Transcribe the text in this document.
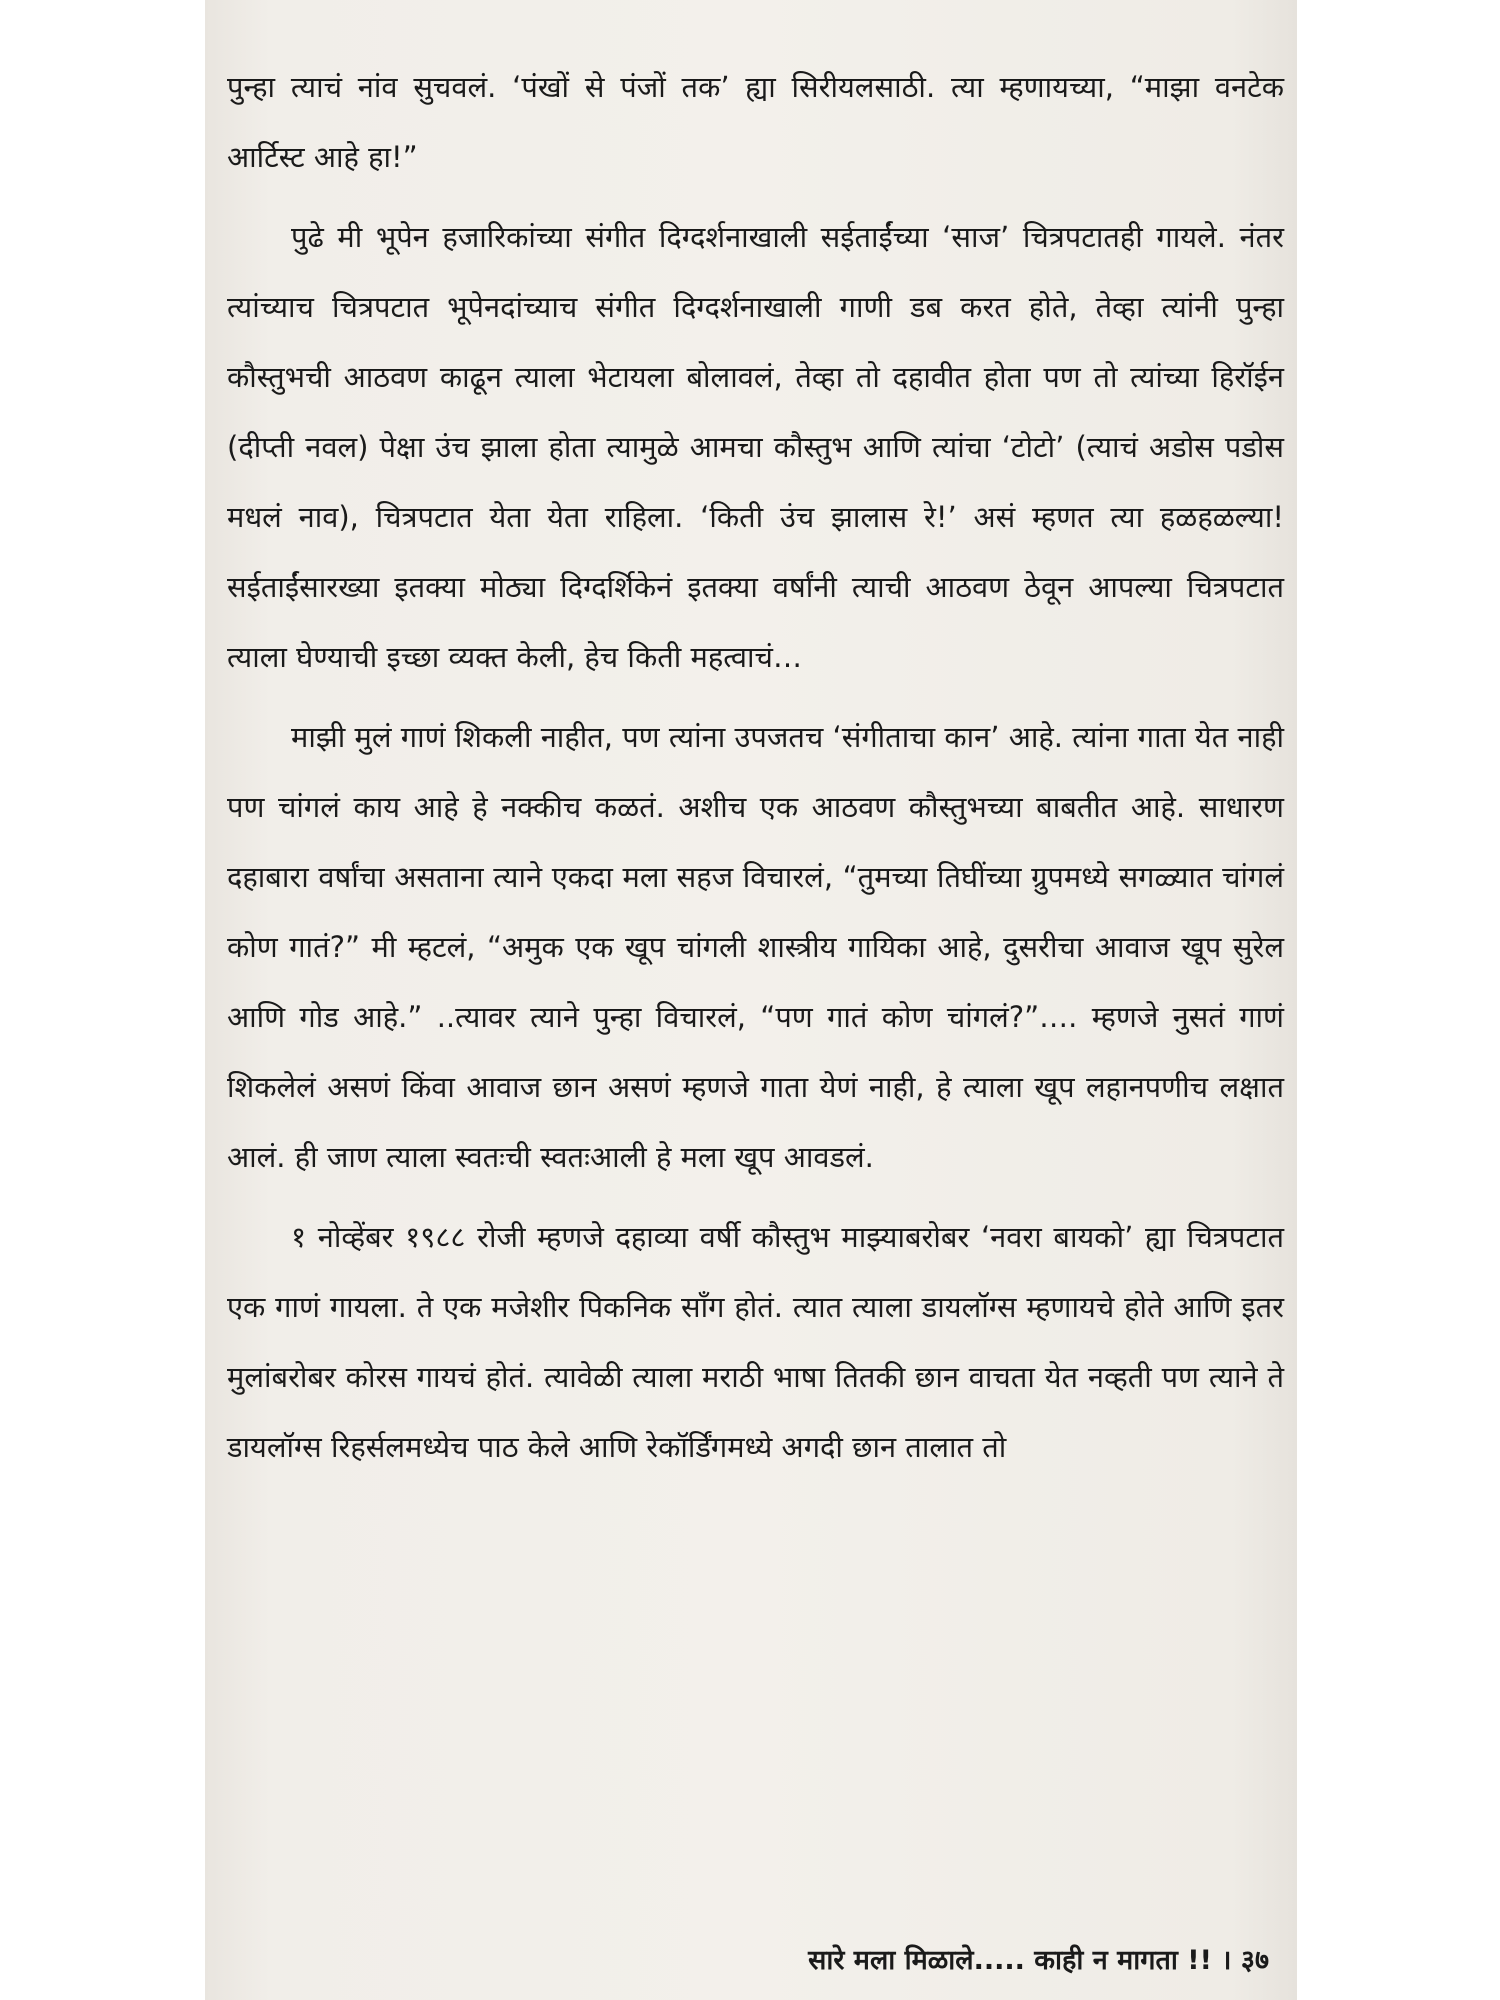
पुन्हा त्याचं नांव सुचवलं. ‘पंखों से पंजों तक’ ह्या सिरीयलसाठी. त्या म्हणायच्या, “माझा वनटेक आर्टिस्ट आहे हा!”

पुढे मी भूपेन हजारिकांच्या संगीत दिग्दर्शनाखाली सईताईंच्या ‘साज’ चित्रपटातही गायले. नंतर त्यांच्याच चित्रपटात भूपेनदांच्याच संगीत दिग्दर्शनाखाली गाणी डब करत होते, तेव्हा त्यांनी पुन्हा कौस्तुभची आठवण काढून त्याला भेटायला बोलावलं, तेव्हा तो दहावीत होता पण तो त्यांच्या हिरॉईन (दीप्ती नवल) पेक्षा उंच झाला होता त्यामुळे आमचा कौस्तुभ आणि त्यांचा ‘टोटो’ (त्याचं अडोस पडोस मधलं नाव), चित्रपटात येता येता राहिला. ‘किती उंच झालास रे!’ असं म्हणत त्या हळहळल्या! सईताईंसारख्या इतक्या मोठ्या दिग्दर्शिकेनं इतक्या वर्षांनी त्याची आठवण ठेवून आपल्या चित्रपटात त्याला घेण्याची इच्छा व्यक्त केली, हेच किती महत्वाचं…

माझी मुलं गाणं शिकली नाहीत, पण त्यांना उपजतच ‘संगीताचा कान’ आहे. त्यांना गाता येत नाही पण चांगलं काय आहे हे नक्कीच कळतं. अशीच एक आठवण कौस्तुभच्या बाबतीत आहे. साधारण दहाबारा वर्षांचा असताना त्याने एकदा मला सहज विचारलं, “तुमच्या तिघींच्या ग्रुपमध्ये सगळ्यात चांगलं कोण गातं?” मी म्हटलं, “अमुक एक खूप चांगली शास्त्रीय गायिका आहे, दुसरीचा आवाज खूप सुरेल आणि गोड आहे.” ..त्यावर त्याने पुन्हा विचारलं, “पण गातं कोण चांगलं?”…. म्हणजे नुसतं गाणं शिकलेलं असणं किंवा आवाज छान असणं म्हणजे गाता येणं नाही, हे त्याला खूप लहानपणीच लक्षात आलं. ही जाण त्याला स्वतःची स्वतःआली हे मला खूप आवडलं.

१ नोव्हेंबर १९८८ रोजी म्हणजे दहाव्या वर्षी कौस्तुभ माझ्याबरोबर ‘नवरा बायको’ ह्या चित्रपटात एक गाणं गायला. ते एक मजेशीर पिकनिक साँग होतं. त्यात त्याला डायलॉग्स म्हणायचे होते आणि इतर मुलांबरोबर कोरस गायचं होतं. त्यावेळी त्याला मराठी भाषा तितकी छान वाचता येत नव्हती पण त्याने ते डायलॉग्स रिहर्सलमध्येच पाठ केले आणि रेकॉर्डिंगमध्ये अगदी छान तालात तो

सारे मला मिळाले..... काही न मागता !! । ३७
